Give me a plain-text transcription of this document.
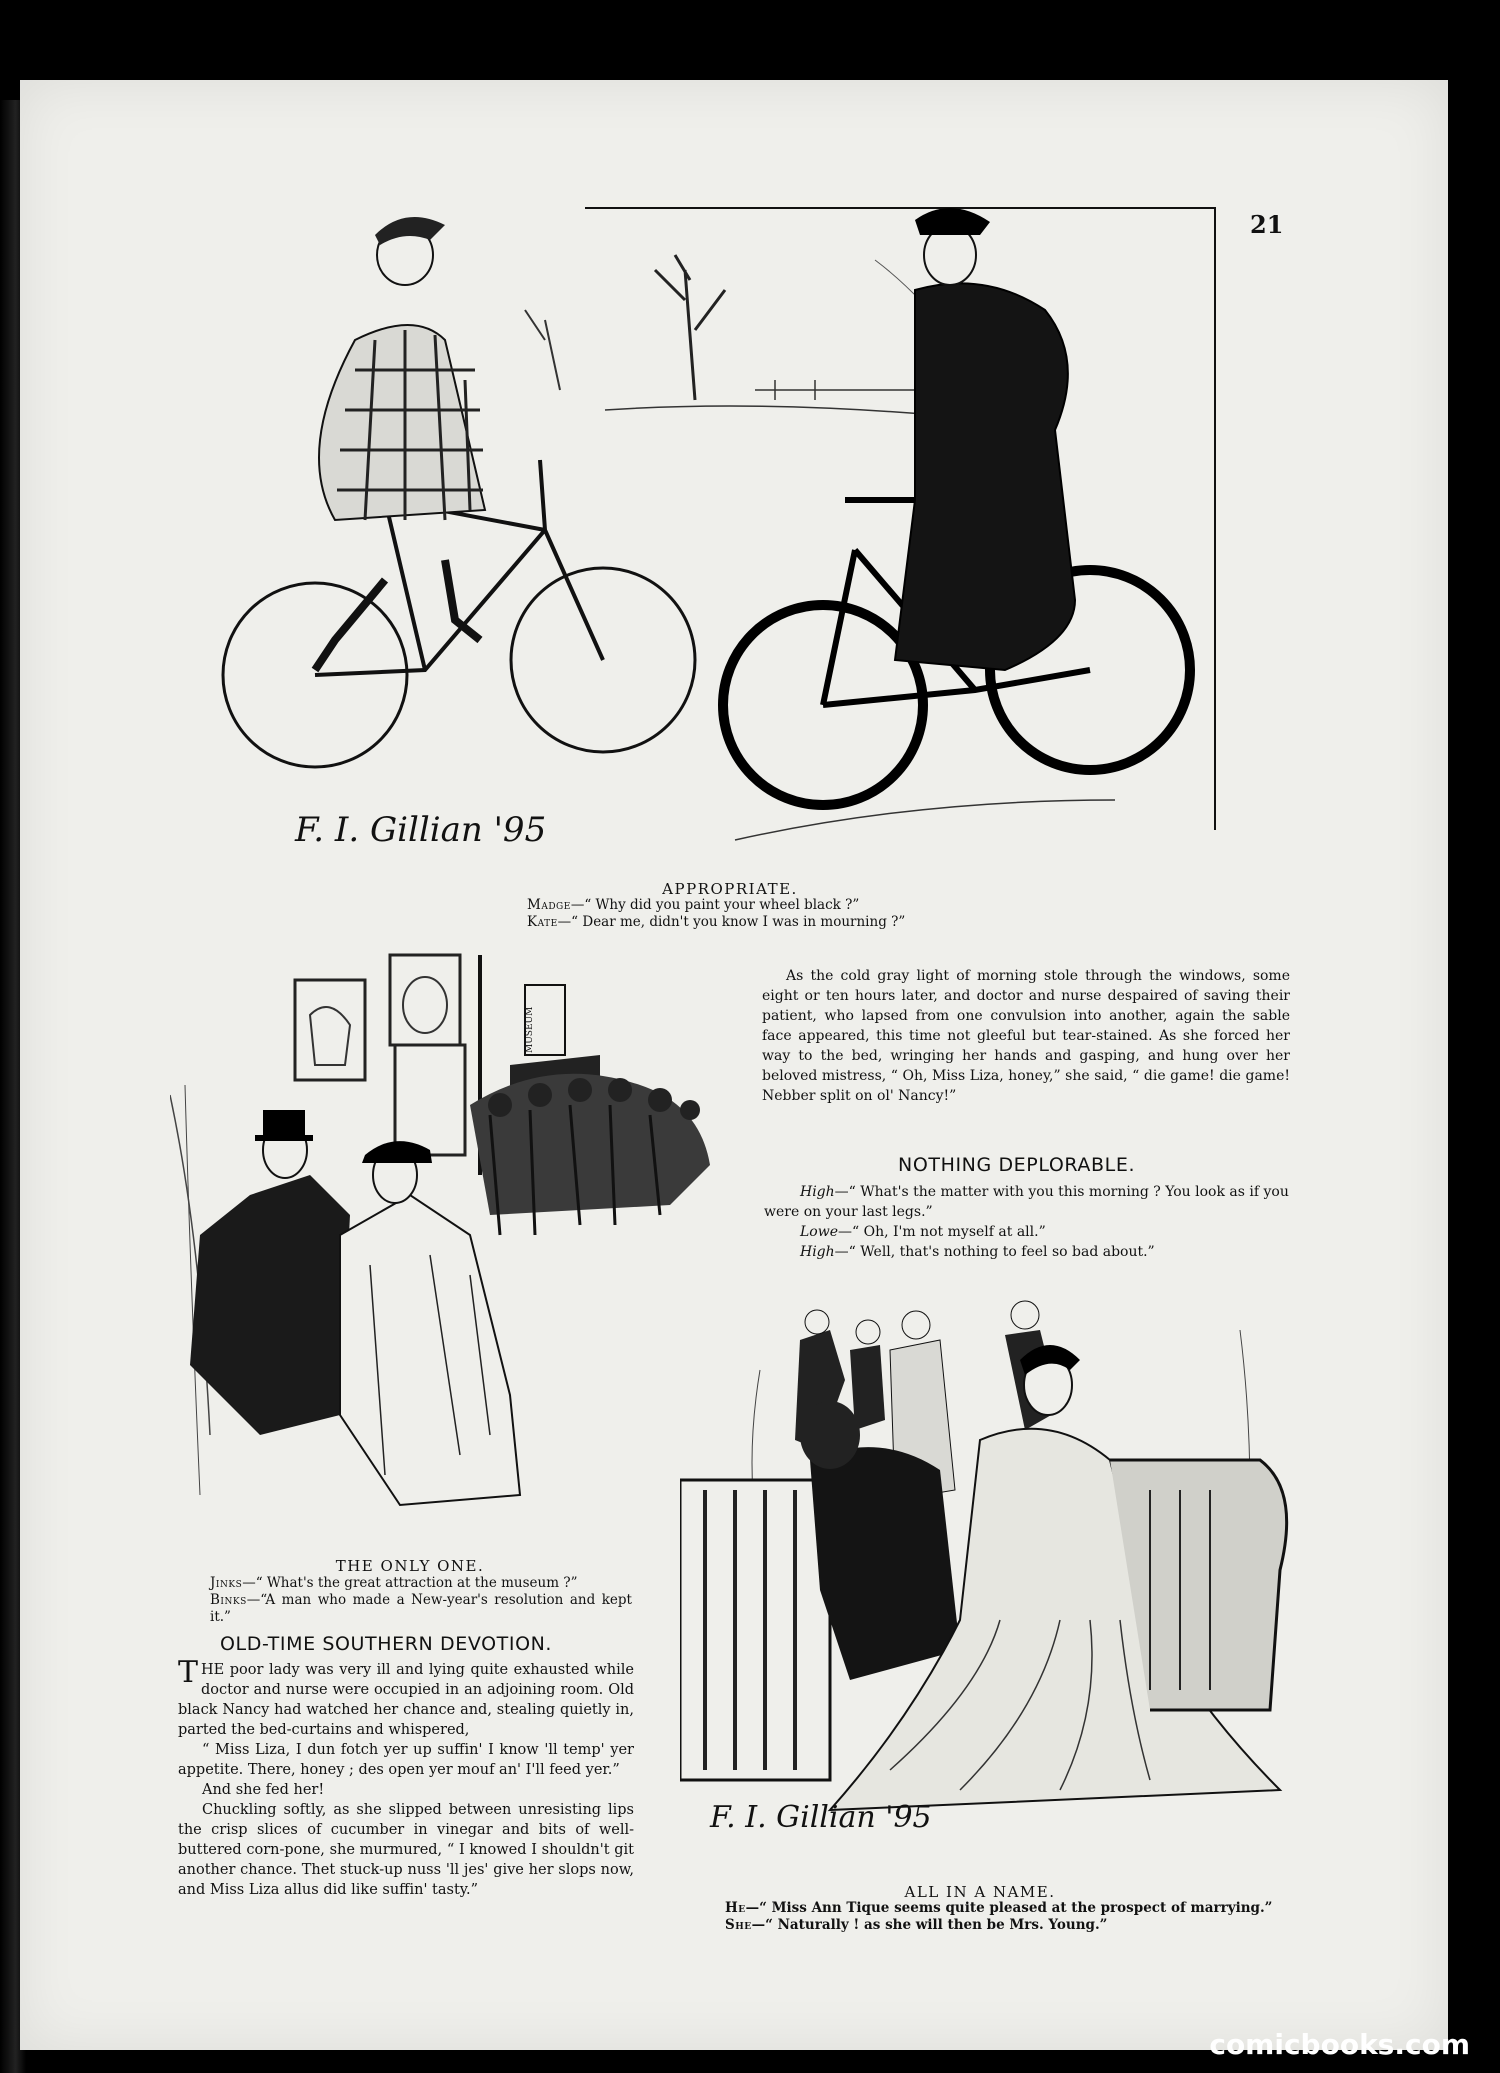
21
F. I. Gillian '95
APPROPRIATE.
Madge—“ Why did you paint your wheel black ?”
Kate—“ Dear me, didn't you know I was in mourning ?”
As the cold gray light of morning stole through the windows, some eight or ten hours later, and doctor and nurse despaired of saving their patient, who lapsed from one convulsion into another, again the sable face appeared, this time not gleeful but tear-stained. As she forced her way to the bed, wringing her hands and gasping, and hung over her beloved mistress, “ Oh, Miss Liza, honey,” she said, “ die game! die game! Nebber split on ol' Nancy!”
NOTHING DEPLORABLE.
High—“ What's the matter with you this morning ? You look as if you were on your last legs.”
Lowe—“ Oh, I'm not myself at all.”
High—“ Well, that's nothing to feel so bad about.”
MUSEUM
THE ONLY ONE.
Jinks—“ What's the great attraction at the museum ?”
Binks—“A man who made a New-year's resolution and kept it.”
OLD-TIME SOUTHERN DEVOTION.

THE poor lady was very ill and lying quite exhausted while doctor and nurse were occupied in an adjoining room. Old black Nancy had watched her chance and, stealing quietly in, parted the bed-curtains and whispered,

“ Miss Liza, I dun fotch yer up suffin' I know 'll temp' yer appetite. There, honey ; des open yer mouf an' I'll feed yer.”

And she fed her!

Chuckling softly, as she slipped between unresisting lips the crisp slices of cucumber in vinegar and bits of well-buttered corn-pone, she murmured, “ I knowed I shouldn't git another chance. Thet stuck-up nuss 'll jes' give her slops now, and Miss Liza allus did like suffin' tasty.”

F. I. Gillian '95
ALL IN A NAME.
He—“ Miss Ann Tique seems quite pleased at the prospect of marrying.”
She—“ Naturally ! as she will then be Mrs. Young.”
comicbooks.com
